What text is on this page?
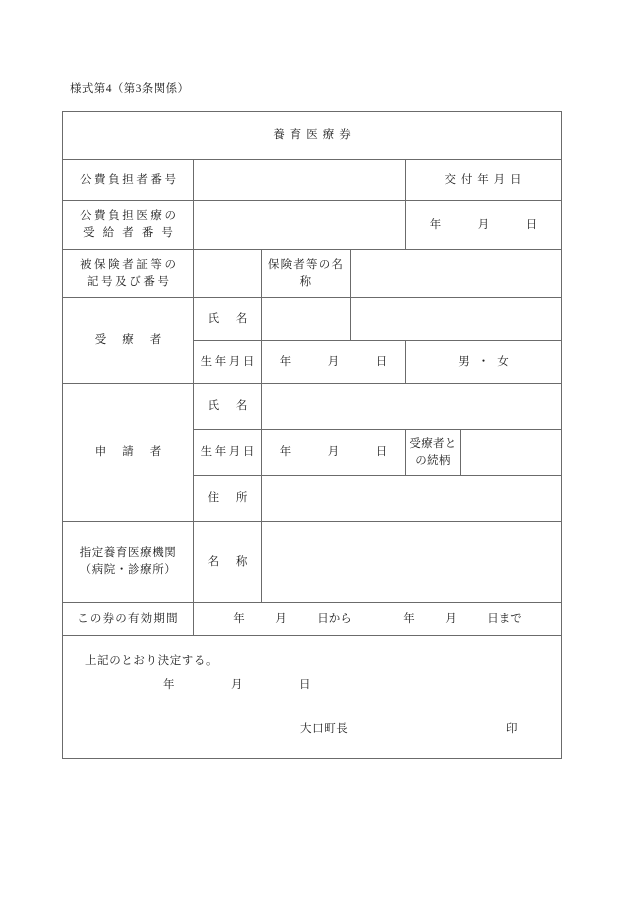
様式第4（第3条関係）
養育医療券					
公費負担者番号				交 付 年 月 日	

公費負担医療の
受 給 者 番 号				年 月 日	

被保険者証等の
記号及び番号		保険者等の名称			
受療者	氏　名				
	生年月日	年 月 日		男・女	
申請者	氏　名				
	生年月日	年 月 日		受療者と
の続柄	

	住　所				

指定養育医療機関
（病院・診療所）	名　称				
この券の有効期間	年 月 日から 年 月 日まで				

上記のとおり決定する。
年 月 日
大口町長 印					
